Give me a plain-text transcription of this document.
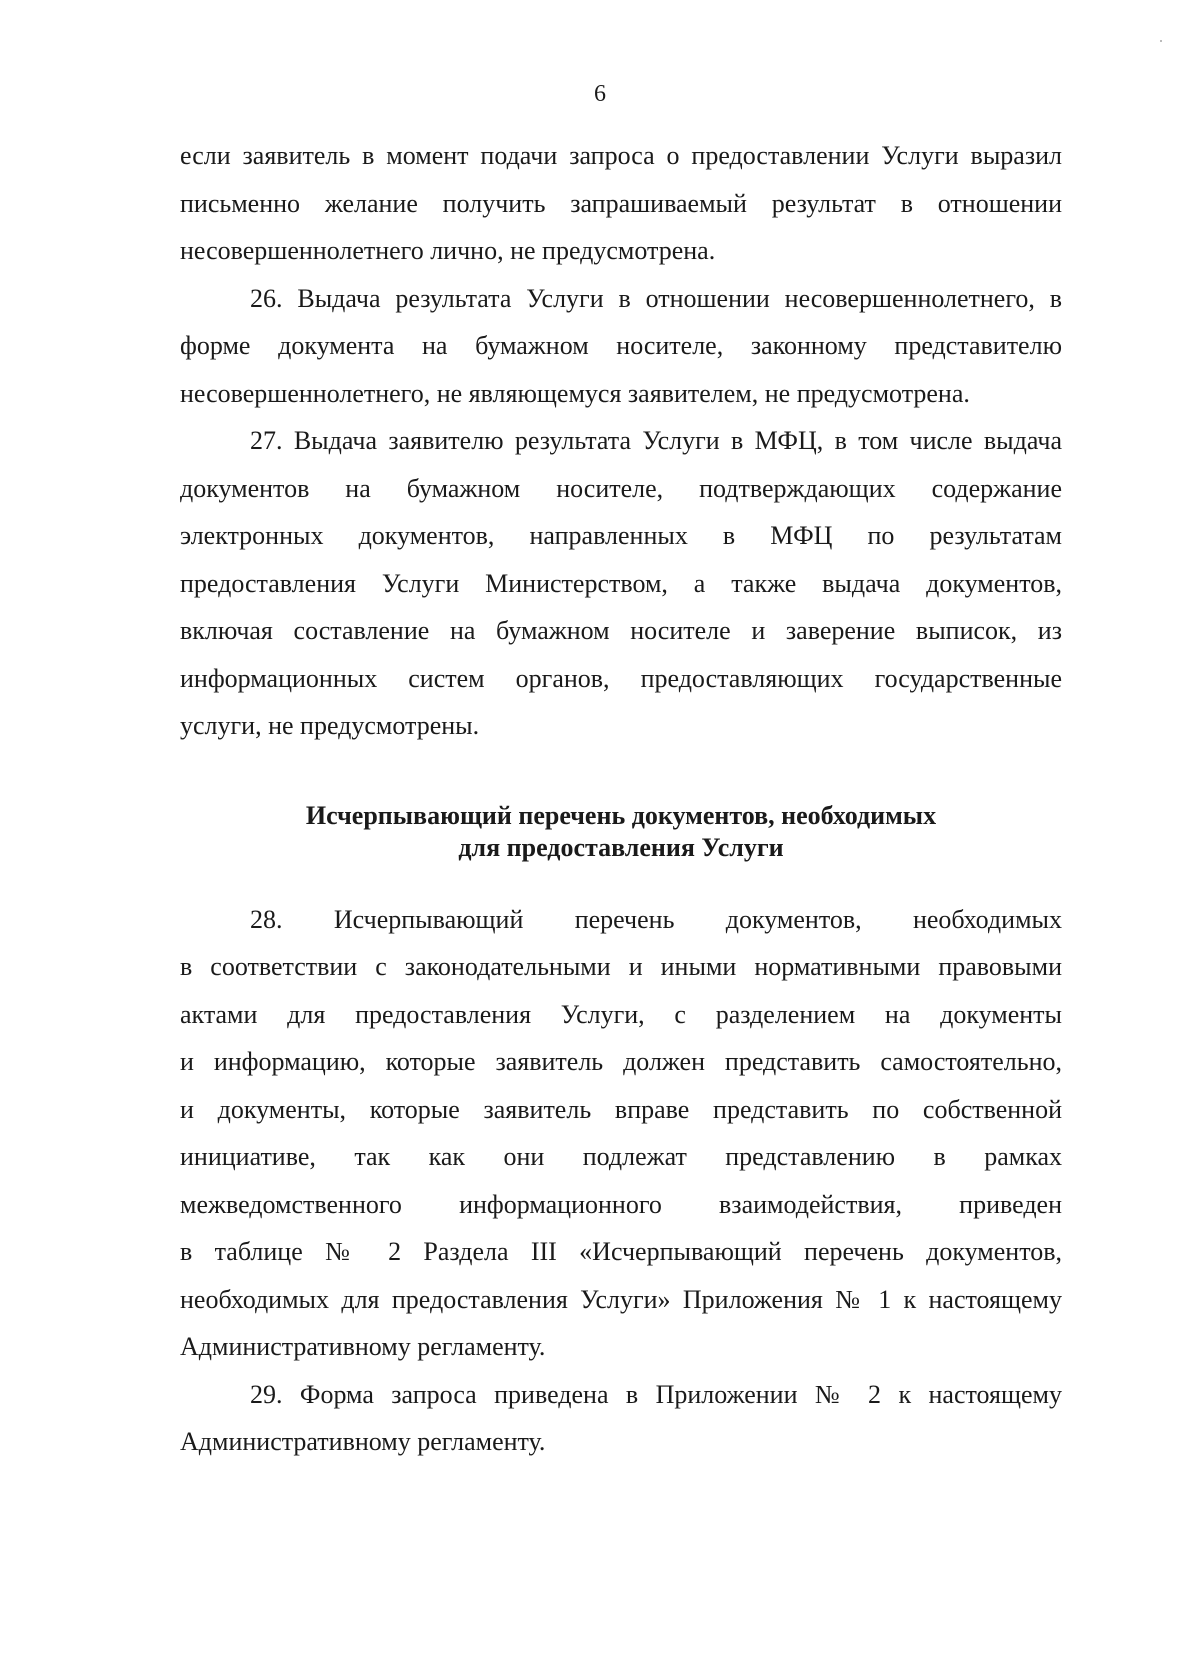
6
если заявитель в момент подачи запроса о предоставлении Услуги выразил
письменно желание получить запрашиваемый результат в отношении
несовершеннолетнего лично, не предусмотрена.
26. Выдача результата Услуги в отношении несовершеннолетнего, в
форме документа на бумажном носителе, законному представителю
несовершеннолетнего, не являющемуся заявителем, не предусмотрена.
27. Выдача заявителю результата Услуги в МФЦ, в том числе выдача
документов на бумажном носителе, подтверждающих содержание
электронных документов, направленных в МФЦ по результатам
предоставления Услуги Министерством, а также выдача документов,
включая составление на бумажном носителе и заверение выписок, из
информационных систем органов, предоставляющих государственные
услуги, не предусмотрены.
Исчерпывающий перечень документов, необходимых
для предоставления Услуги
28. Исчерпывающий перечень документов, необходимых
в соответствии с законодательными и иными нормативными правовыми
актами для предоставления Услуги, с разделением на документы
и информацию, которые заявитель должен представить самостоятельно,
и документы, которые заявитель вправе представить по собственной
инициативе, так как они подлежат представлению в рамках
межведомственного информационного взаимодействия, приведен
в таблице № 2 Раздела III «Исчерпывающий перечень документов,
необходимых для предоставления Услуги» Приложения № 1 к настоящему
Административному регламенту.
29. Форма запроса приведена в Приложении № 2 к настоящему
Административному регламенту.
